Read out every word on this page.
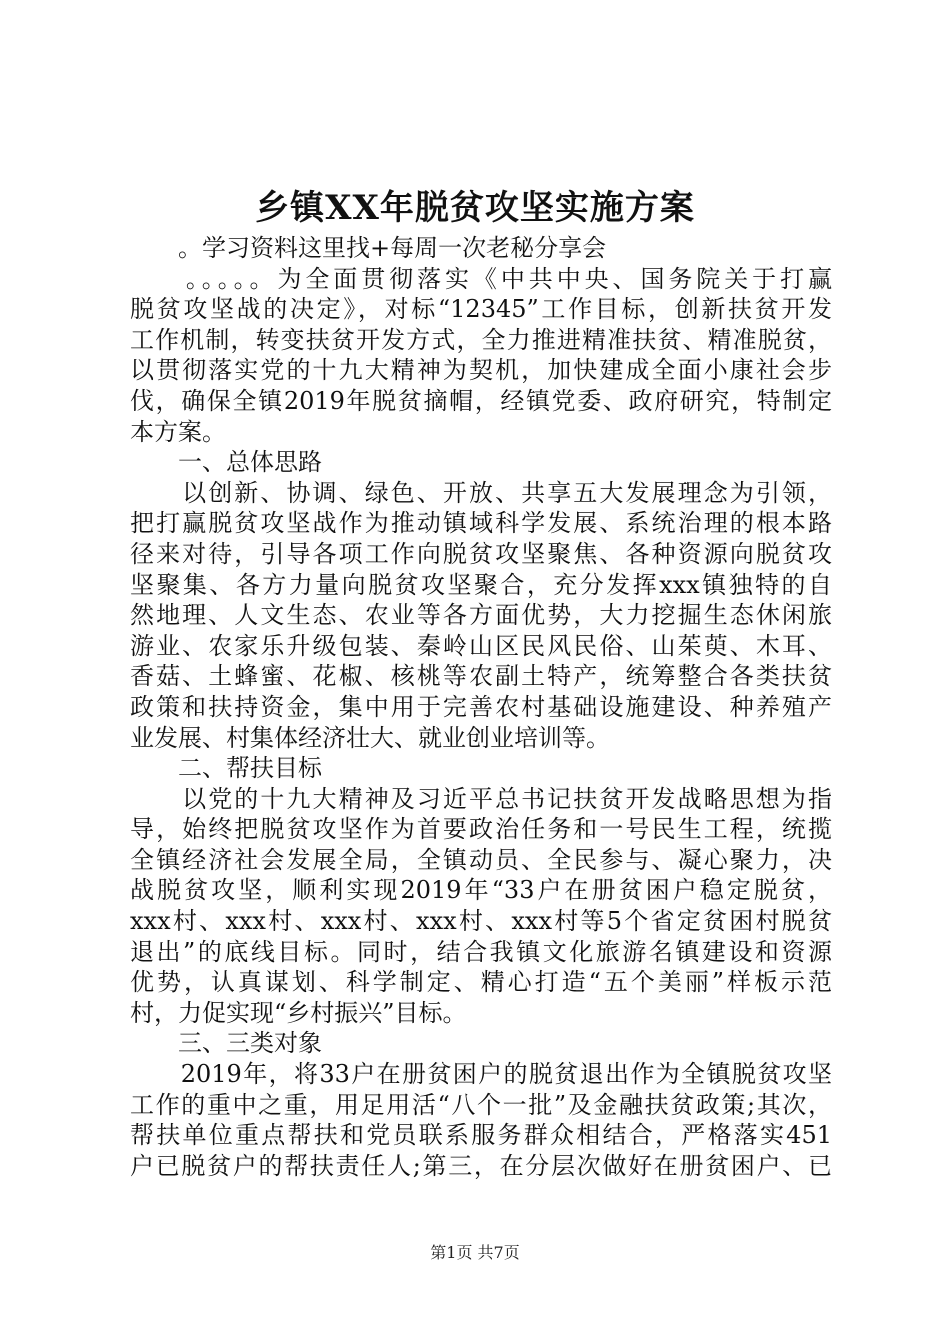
乡镇XX年脱贫攻坚实施方案
　　。学习资料这里找+每周一次老秘分享会
　　。。。。。为全面贯彻落实《中共中央、国务院关于打赢
脱贫攻坚战的决定》，对标“12345”工作目标，创新扶贫开发
工作机制，转变扶贫开发方式，全力推进精准扶贫、精准脱贫，
以贯彻落实党的十九大精神为契机，加快建成全面小康社会步
伐，确保全镇2019年脱贫摘帽，经镇党委、政府研究，特制定
本方案。
　　一、总体思路
　　以创新、协调、绿色、开放、共享五大发展理念为引领，
把打赢脱贫攻坚战作为推动镇域科学发展、系统治理的根本路
径来对待，引导各项工作向脱贫攻坚聚焦、各种资源向脱贫攻
坚聚集、各方力量向脱贫攻坚聚合，充分发挥xxx镇独特的自
然地理、人文生态、农业等各方面优势，大力挖掘生态休闲旅
游业、农家乐升级包装、秦岭山区民风民俗、山茱萸、木耳、
香菇、土蜂蜜、花椒、核桃等农副土特产，统筹整合各类扶贫
政策和扶持资金，集中用于完善农村基础设施建设、种养殖产
业发展、村集体经济壮大、就业创业培训等。
　　二、帮扶目标
　　以党的十九大精神及习近平总书记扶贫开发战略思想为指
导，始终把脱贫攻坚作为首要政治任务和一号民生工程，统揽
全镇经济社会发展全局，全镇动员、全民参与、凝心聚力，决
战脱贫攻坚，顺利实现2019年“33户在册贫困户稳定脱贫，
xxx村、xxx村、xxx村、xxx村、xxx村等5个省定贫困村脱贫
退出”的底线目标。同时，结合我镇文化旅游名镇建设和资源
优势，认真谋划、科学制定、精心打造“五个美丽”样板示范
村，力促实现“乡村振兴”目标。
　　三、三类对象
　　2019年，将33户在册贫困户的脱贫退出作为全镇脱贫攻坚
工作的重中之重，用足用活“八个一批”及金融扶贫政策;其次，
帮扶单位重点帮扶和党员联系服务群众相结合，严格落实451
户已脱贫户的帮扶责任人;第三，在分层次做好在册贫困户、已
第1页 共7页
